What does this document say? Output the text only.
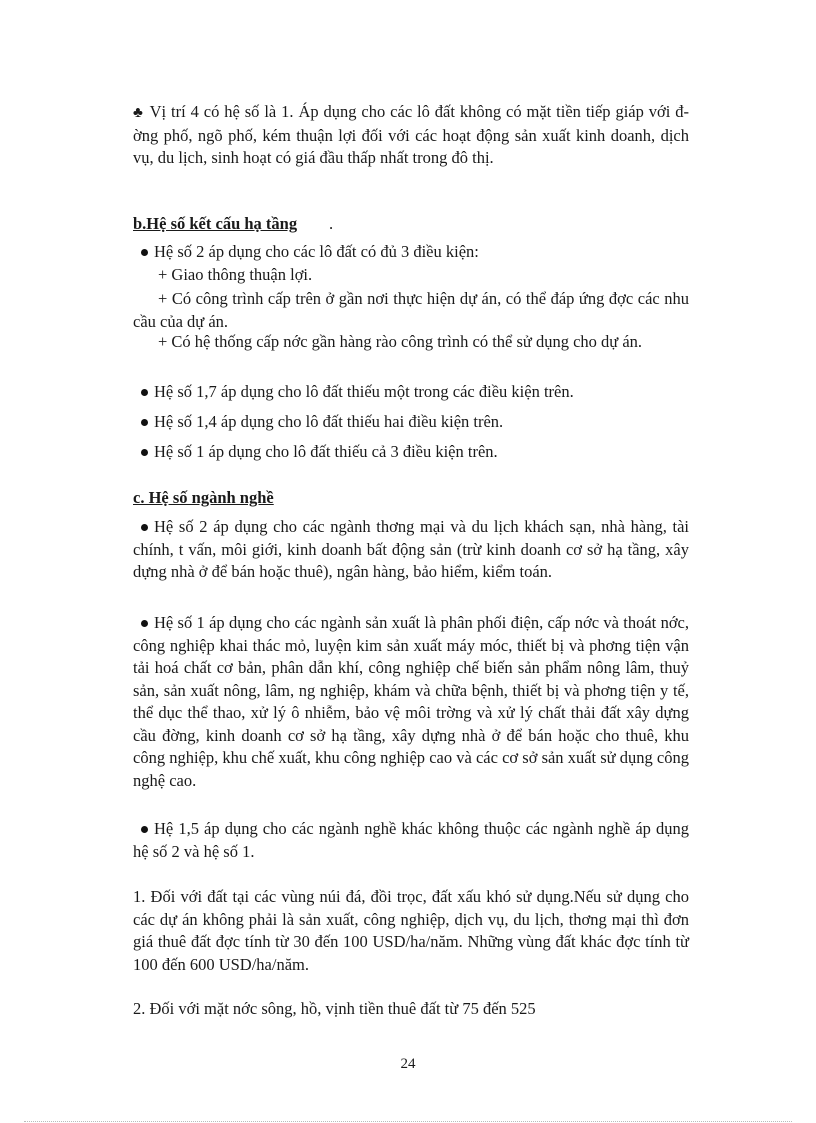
♣ Vị trí 4 có hệ số là 1. Áp dụng cho các lô đất không có mặt tiền tiếp giáp với đờng phố, ngõ phố, kém thuận lợi đối với các hoạt động sản xuất kinh doanh, dịch vụ, du lịch, sinh hoạt có giá đầu thấp nhất trong đô thị.

b.Hệ số kết cấu hạ tầng .
Hệ số 2 áp dụng cho các lô đất có đủ 3 điều kiện:
+ Giao thông thuận lợi.
+ Có công trình cấp trên ở gần nơi thực hiện dự án, có thể đáp ứng đợc các nhu cầu của dự án.
+ Có hệ thống cấp nớc gần hàng rào công trình có thể sử dụng cho dự án.
Hệ số 1,7 áp dụng cho lô đất thiếu một trong các điều kiện trên.
Hệ số 1,4 áp dụng cho lô đất thiếu hai điều kiện trên.
Hệ số 1 áp dụng cho lô đất thiếu cả 3 điều kiện trên.
c. Hệ số ngành nghề
Hệ số 2 áp dụng cho các ngành thơng mại và du lịch khách sạn, nhà hàng, tài chính, t vấn, môi giới, kinh doanh bất động sản (trừ kinh doanh cơ sở hạ tầng, xây dựng nhà ở để bán hoặc thuê), ngân hàng, bảo hiểm, kiểm toán.
Hệ số 1 áp dụng cho các ngành sản xuất là phân phối điện, cấp nớc và thoát nớc, công nghiệp khai thác mỏ, luyện kim sản xuất máy móc, thiết bị và phơng tiện vận tải hoá chất cơ bản, phân dẫn khí, công nghiệp chế biến sản phẩm nông lâm, thuỷ sản, sản xuất nông, lâm, ng nghiệp, khám và chữa bệnh, thiết bị và phơng tiện y tế, thể dục thể thao, xử lý ô nhiễm, bảo vệ môi trờng và xử lý chất thải đất xây dựng cầu đờng, kinh doanh cơ sở hạ tầng, xây dựng nhà ở để bán hoặc cho thuê, khu công nghiệp, khu chế xuất, khu công nghiệp cao và các cơ sở sản xuất sử dụng công nghệ cao.
Hệ 1,5 áp dụng cho các ngành nghề khác không thuộc các ngành nghề áp dụng hệ số 2 và hệ số 1.
1. Đối với đất tại các vùng núi đá, đồi trọc, đất xấu khó sử dụng.Nếu sử dụng cho các dự án không phải là sản xuất, công nghiệp, dịch vụ, du lịch, thơng mại thì đơn giá thuê đất đợc tính từ 30 đến 100 USD/ha/năm. Những vùng đất khác đợc tính từ 100 đến 600 USD/ha/năm.
2. Đối với mặt nớc sông, hồ, vịnh tiền thuê đất từ 75 đến 525
24
